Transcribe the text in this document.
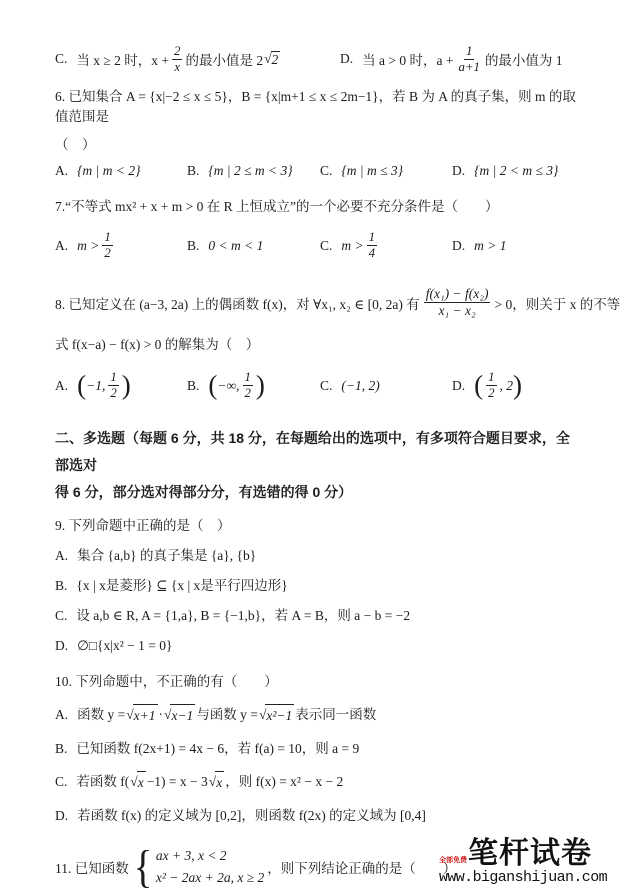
C. 当 x ≥ 2 时，$x + \frac{2}{x}$ 的最小值是 2 √ 2	D. 当 a > 0 时，$a + \frac{1}{a+1}$ 的最小值为 1
6. 已知集合 A = {x|−2 ≤ x ≤ 5}，B = {x|m+1 ≤ x ≤ 2m−1}，若 B 为 A 的真子集，则 m 的取值范围是
（　）
A. {m | m < 2}	B. {m | 2 ≤ m < 3} C. {m | m ≤ 3}	D. {m | 2 < m ≤ 3}
7.“不等式 mx² + x + m > 0 在 R 上恒成立”的一个必要不充分条件是（　　）
A. $m > \frac{1}{2}$	B. 0 < m < 1	C. $m > \frac{1}{4}$	D. m > 1
8. 已知定义在 (a−3, 2a) 上的偶函数 f(x)，对 ∀x₁, x₂ ∈ [0, 2a) 有 $\frac{\text{f(x₁) − f(x₂)}}{\text{x₁ − x₂}} > 0$，则关于 x 的不等
式 f(x−a) − f(x) > 0 的解集为（　）
A. ( −1, $\frac{1}{2}$ )	B. ( −∞, $\frac{1}{2}$ )	C. (−1, 2)	D. ( $\frac{1}{2}$ , 2 )
二、多选题（每题 6 分，共 18 分，在每题给出的选项中，有多项符合题目要求，全部选对
得 6 分，部分选对得部分分，有选错的得 0 分）
9. 下列命题中正确的是（　）
A. 集合 {a,b} 的真子集是 {a}, {b}
B. {x | x是菱形} ⊆ {x | x是平行四边形}
C. 设 a,b ∈ R, A = {1,a}, B = {−1,b}，若 A = B，则 a − b = −2
D. ∅□{x|x² − 1 = 0}
10. 下列命题中，不正确的有（　　）
A. 函数 y = √ x+1 · √ x−1 与函数 y = √ x²−1 表示同一函数
B. 已知函数 f(2x+1) = 4x − 6，若 f(a) = 10，则 a = 9
C. 若函数 f( √ x −1) = x − 3 √ x ，则 f(x) = x² − x − 2
D. 若函数 f(x) 的定义域为 [0,2]，则函数 f(2x) 的定义域为 [0,4]
11. 已知函数 { ax + 3, x < 2
x² − 2ax + 2a, x ≥ 2
，则下列结论正确的是（　　）
全部免费 笔杆试卷
www.biganshijuan.com
